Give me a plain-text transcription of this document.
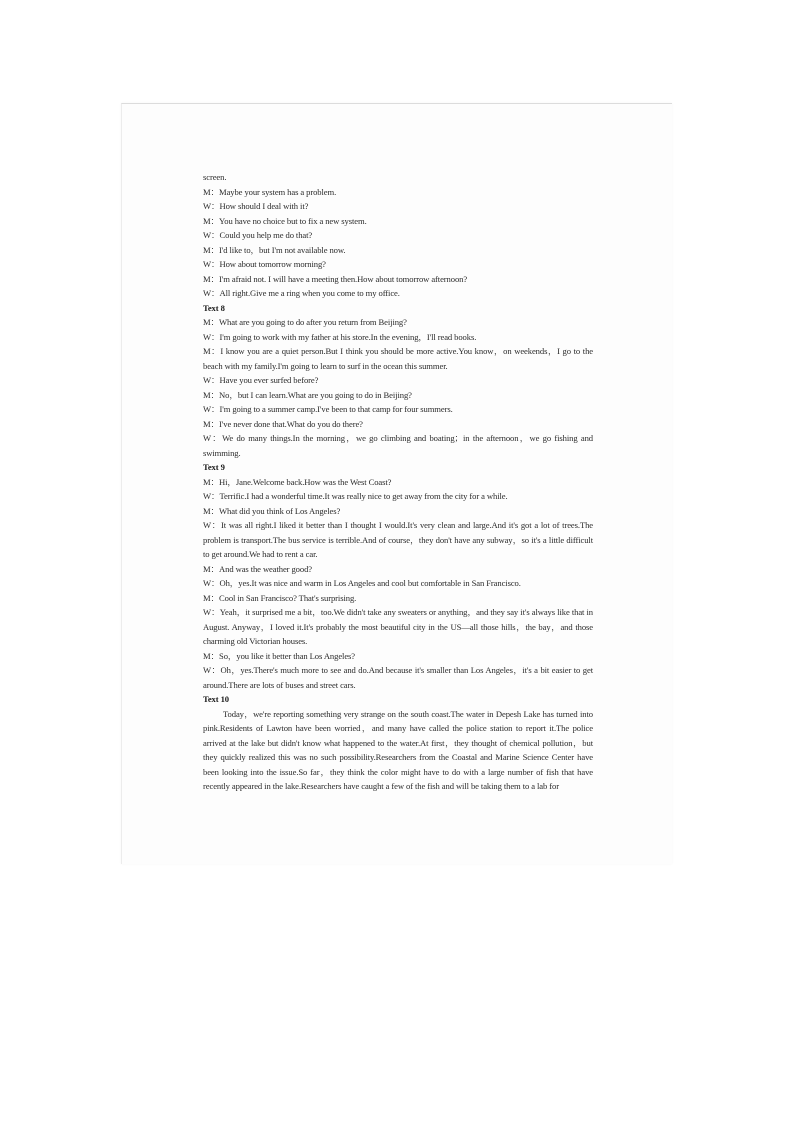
screen.
M：Maybe your system has a problem.
W：How should I deal with it?
M：You have no choice but to fix a new system.
W：Could you help me do that?
M：I'd like to，but I'm not available now.
W：How about tomorrow morning?
M：I'm afraid not. I will have a meeting then.How about tomorrow afternoon?
W：All right.Give me a ring when you come to my office.
Text 8
M：What are you going to do after you return from Beijing?
W：I'm going to work with my father at his store.In the evening，I'll read books.
M：I know you are a quiet person.But I think you should be more active.You know，on weekends，I go to the beach with my family.I'm going to learn to surf in the ocean this summer.
W：Have you ever surfed before?
M：No，but I can learn.What are you going to do in Beijing?
W：I'm going to a summer camp.I've been to that camp for four summers.
M：I've never done that.What do you do there?
W：We do many things.In the morning，we go climbing and boating；in the afternoon，we go fishing and swimming.
Text 9
M：Hi，Jane.Welcome back.How was the West Coast?
W：Terrific.I had a wonderful time.It was really nice to get away from the city for a while.
M：What did you think of Los Angeles?
W：It was all right.I liked it better than I thought I would.It's very clean and large.And it's got a lot of trees.The problem is transport.The bus service is terrible.And of course，they don't have any subway，so it's a little difficult to get around.We had to rent a car.
M：And was the weather good?
W：Oh，yes.It was nice and warm in Los Angeles and cool but comfortable in San Francisco.
M：Cool in San Francisco? That's surprising.
W：Yeah，it surprised me a bit，too.We didn't take any sweaters or anything，and they say it's always like that in August. Anyway，I loved it.It's probably the most beautiful city in the US—all those hills，the bay，and those charming old Victorian houses.
M：So，you like it better than Los Angeles?
W：Oh，yes.There's much more to see and do.And because it's smaller than Los Angeles，it's a bit easier to get around.There are lots of buses and street cars.
Text 10
Today，we're reporting something very strange on the south coast.The water in Depesh Lake has turned into pink.Residents of Lawton have been worried，and many have called the police station to report it.The police arrived at the lake but didn't know what happened to the water.At first，they thought of chemical pollution，but they quickly realized this was no such possibility.Researchers from the Coastal and Marine Science Center have been looking into the issue.So far，they think the color might have to do with a large number of fish that have recently appeared in the lake.Researchers have caught a few of the fish and will be taking them to a lab for
